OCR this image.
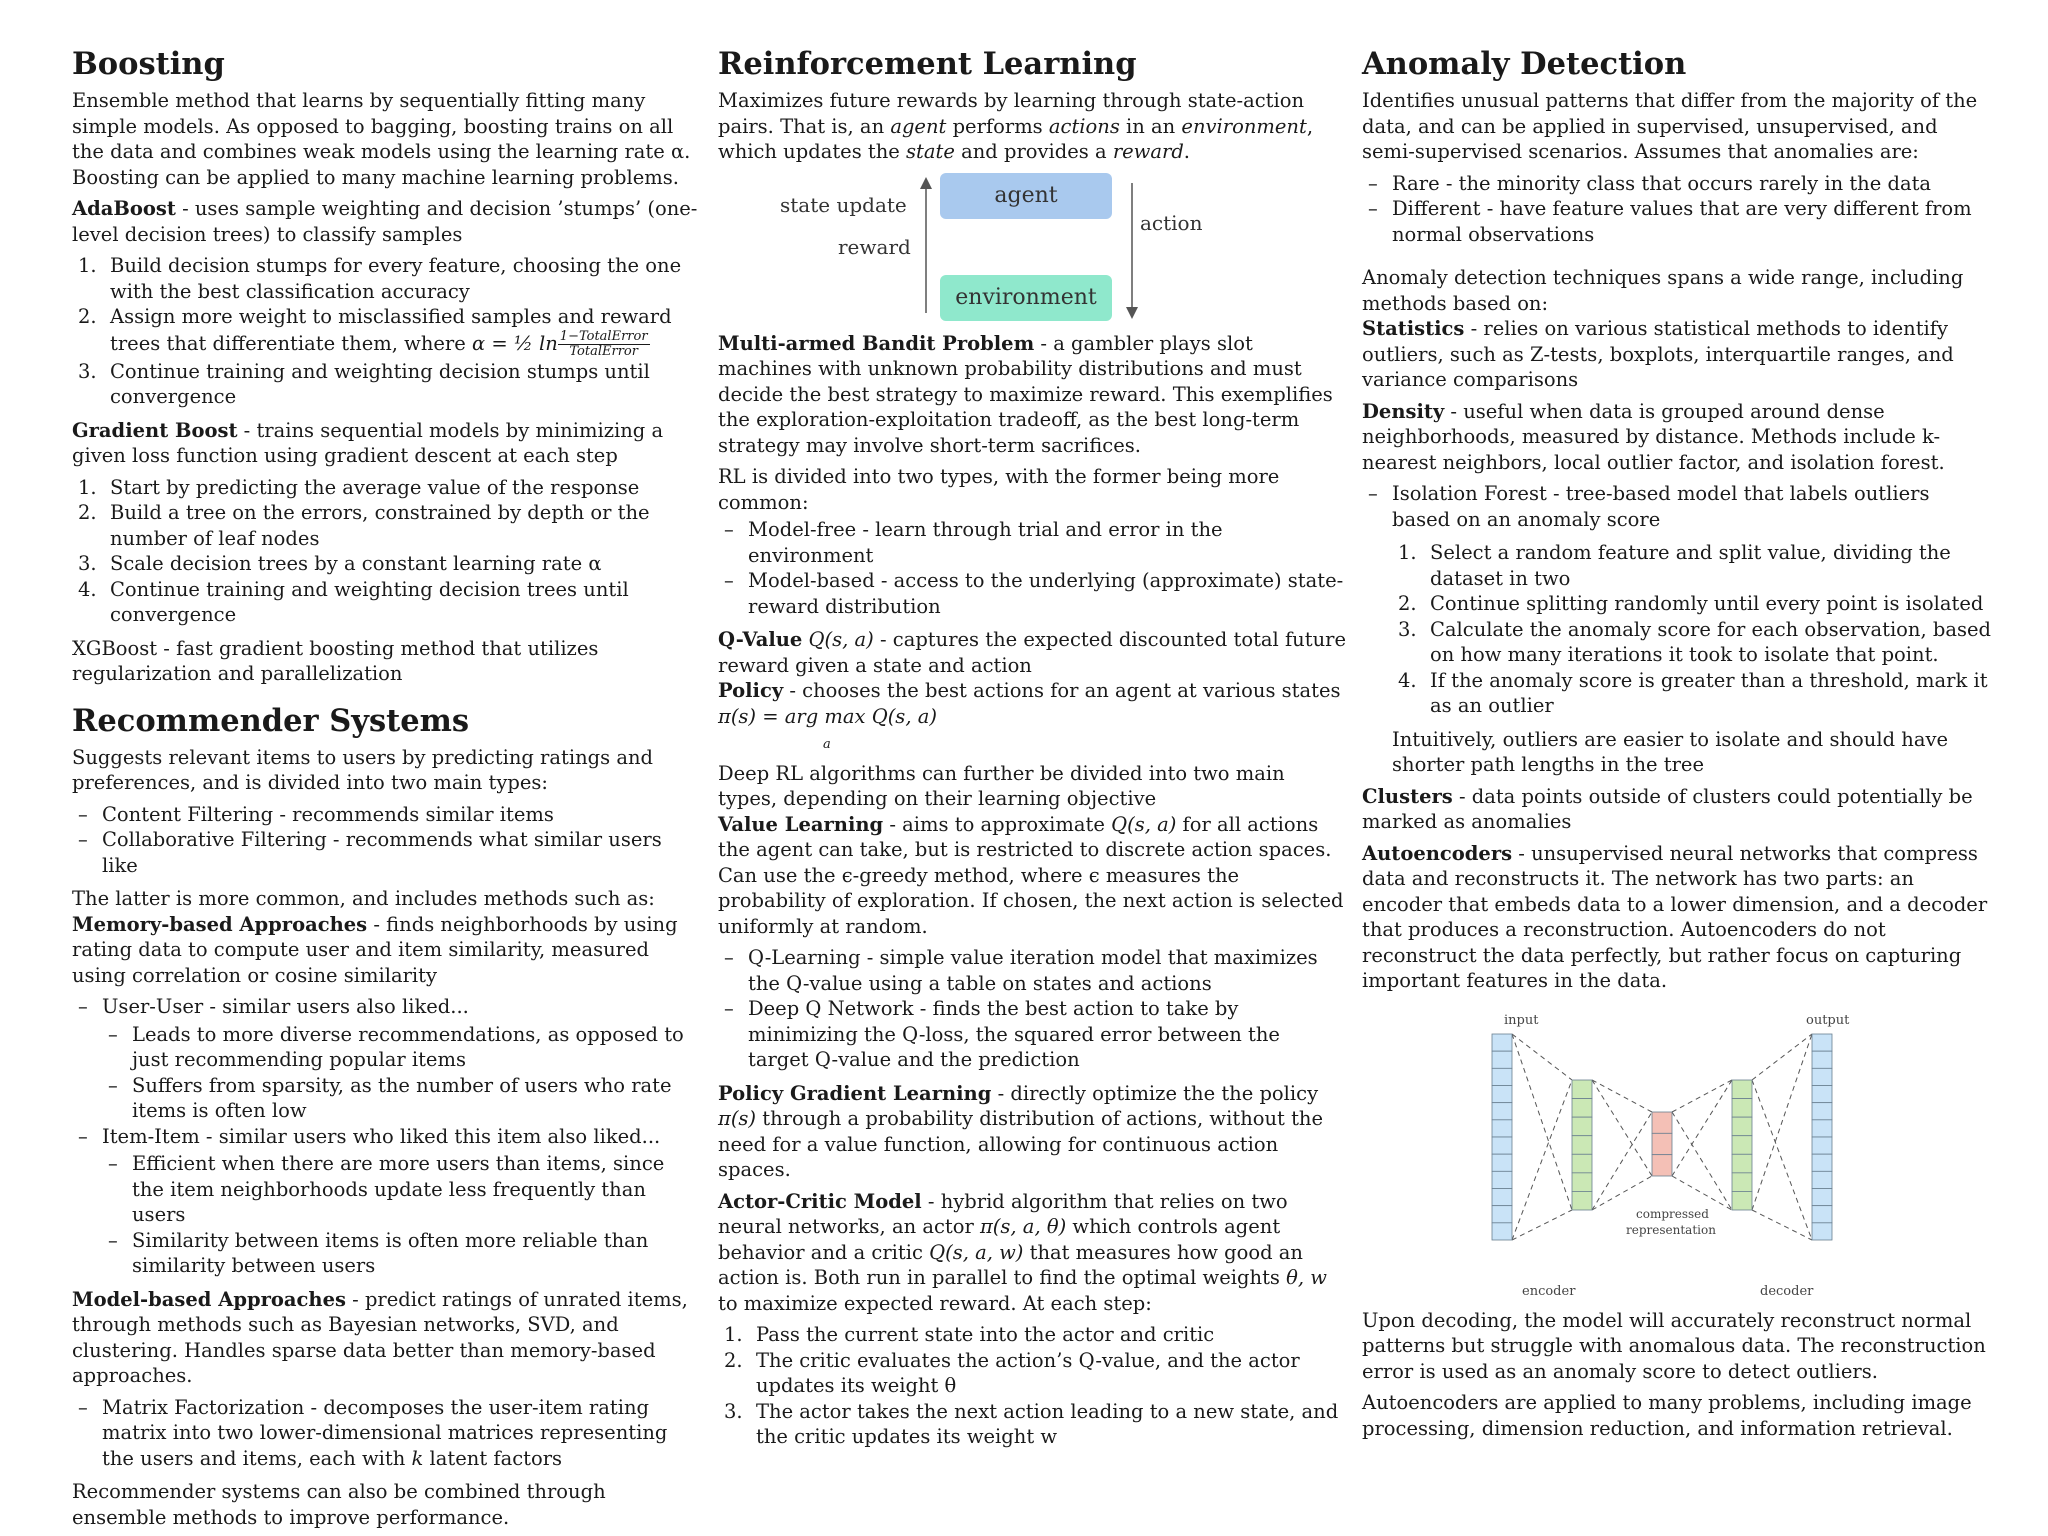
Boosting

Ensemble method that learns by sequentially fitting many simple models. As opposed to bagging, boosting trains on all the data and combines weak models using the learning rate α. Boosting can be applied to many machine learning problems.

AdaBoost - uses sample weighting and decision ’stumps’ (one-level decision trees) to classify samples

1. Build decision stumps for every feature, choosing the one with the best classification accuracy
2. Assign more weight to misclassified samples and reward trees that differentiate them, where α = ½ $\ln \frac{\text{1−TotalError}}{\text{TotalError}}$
3. Continue training and weighting decision stumps until convergence

Gradient Boost - trains sequential models by minimizing a given loss function using gradient descent at each step

1. Start by predicting the average value of the response
2. Build a tree on the errors, constrained by depth or the number of leaf nodes
3. Scale decision trees by a constant learning rate α
4. Continue training and weighting decision trees until convergence

XGBoost - fast gradient boosting method that utilizes regularization and parallelization

Recommender Systems

Suggests relevant items to users by predicting ratings and preferences, and is divided into two main types:

– Content Filtering - recommends similar items
– Collaborative Filtering - recommends what similar users like

The latter is more common, and includes methods such as:

Memory-based Approaches - finds neighborhoods by using rating data to compute user and item similarity, measured using correlation or cosine similarity

– User-User - similar users also liked...
– Leads to more diverse recommendations, as opposed to just recommending popular items
– Suffers from sparsity, as the number of users who rate items is often low
– Item-Item - similar users who liked this item also liked...
– Efficient when there are more users than items, since the item neighborhoods update less frequently than users
– Similarity between items is often more reliable than similarity between users

Model-based Approaches - predict ratings of unrated items, through methods such as Bayesian networks, SVD, and clustering. Handles sparse data better than memory-based approaches.

– Matrix Factorization - decomposes the user-item rating matrix into two lower-dimensional matrices representing the users and items, each with k latent factors

Recommender systems can also be combined through ensemble methods to improve performance.

Reinforcement Learning

Maximizes future rewards by learning through state-action pairs. That is, an agent performs actions in an environment, which updates the state and provides a reward.

agent
environment
state update
reward
action

Multi-armed Bandit Problem - a gambler plays slot machines with unknown probability distributions and must decide the best strategy to maximize reward. This exemplifies the exploration-exploitation tradeoff, as the best long-term strategy may involve short-term sacrifices.

RL is divided into two types, with the former being more common:

– Model-free - learn through trial and error in the environment
– Model-based - access to the underlying (approximate) state-reward distribution

Q-Value Q(s, a) - captures the expected discounted total future reward given a state and action

Policy - chooses the best actions for an agent at various states π(s) = arg max Q(s, a)
a

Deep RL algorithms can further be divided into two main types, depending on their learning objective

Value Learning - aims to approximate Q(s, a) for all actions the agent can take, but is restricted to discrete action spaces. Can use the ϵ-greedy method, where ϵ measures the probability of exploration. If chosen, the next action is selected uniformly at random.

– Q-Learning - simple value iteration model that maximizes the Q-value using a table on states and actions
– Deep Q Network - finds the best action to take by minimizing the Q-loss, the squared error between the target Q-value and the prediction

Policy Gradient Learning - directly optimize the the policy π(s) through a probability distribution of actions, without the need for a value function, allowing for continuous action spaces.

Actor-Critic Model - hybrid algorithm that relies on two neural networks, an actor π(s, a, θ) which controls agent behavior and a critic Q(s, a, w) that measures how good an action is. Both run in parallel to find the optimal weights θ, w to maximize expected reward. At each step:

1. Pass the current state into the actor and critic
2. The critic evaluates the action’s Q-value, and the actor updates its weight θ
3. The actor takes the next action leading to a new state, and the critic updates its weight w
Anomaly Detection

Identifies unusual patterns that differ from the majority of the data, and can be applied in supervised, unsupervised, and semi-supervised scenarios. Assumes that anomalies are:

– Rare - the minority class that occurs rarely in the data
– Different - have feature values that are very different from normal observations

Anomaly detection techniques spans a wide range, including methods based on:

Statistics - relies on various statistical methods to identify outliers, such as Z-tests, boxplots, interquartile ranges, and variance comparisons

Density - useful when data is grouped around dense neighborhoods, measured by distance. Methods include k-nearest neighbors, local outlier factor, and isolation forest.

– Isolation Forest - tree-based model that labels outliers based on an anomaly score
1. Select a random feature and split value, dividing the dataset in two
2. Continue splitting randomly until every point is isolated
3. Calculate the anomaly score for each observation, based on how many iterations it took to isolate that point.
4. If the anomaly score is greater than a threshold, mark it as an outlier

Intuitively, outliers are easier to isolate and should have shorter path lengths in the tree

Clusters - data points outside of clusters could potentially be marked as anomalies

Autoencoders - unsupervised neural networks that compress data and reconstructs it. The network has two parts: an encoder that embeds data to a lower dimension, and a decoder that produces a reconstruction. Autoencoders do not reconstruct the data perfectly, but rather focus on capturing important features in the data.

input	output
encoder	decoder
compressed
representation

Upon decoding, the model will accurately reconstruct normal patterns but struggle with anomalous data. The reconstruction error is used as an anomaly score to detect outliers.

Autoencoders are applied to many problems, including image processing, dimension reduction, and information retrieval.
